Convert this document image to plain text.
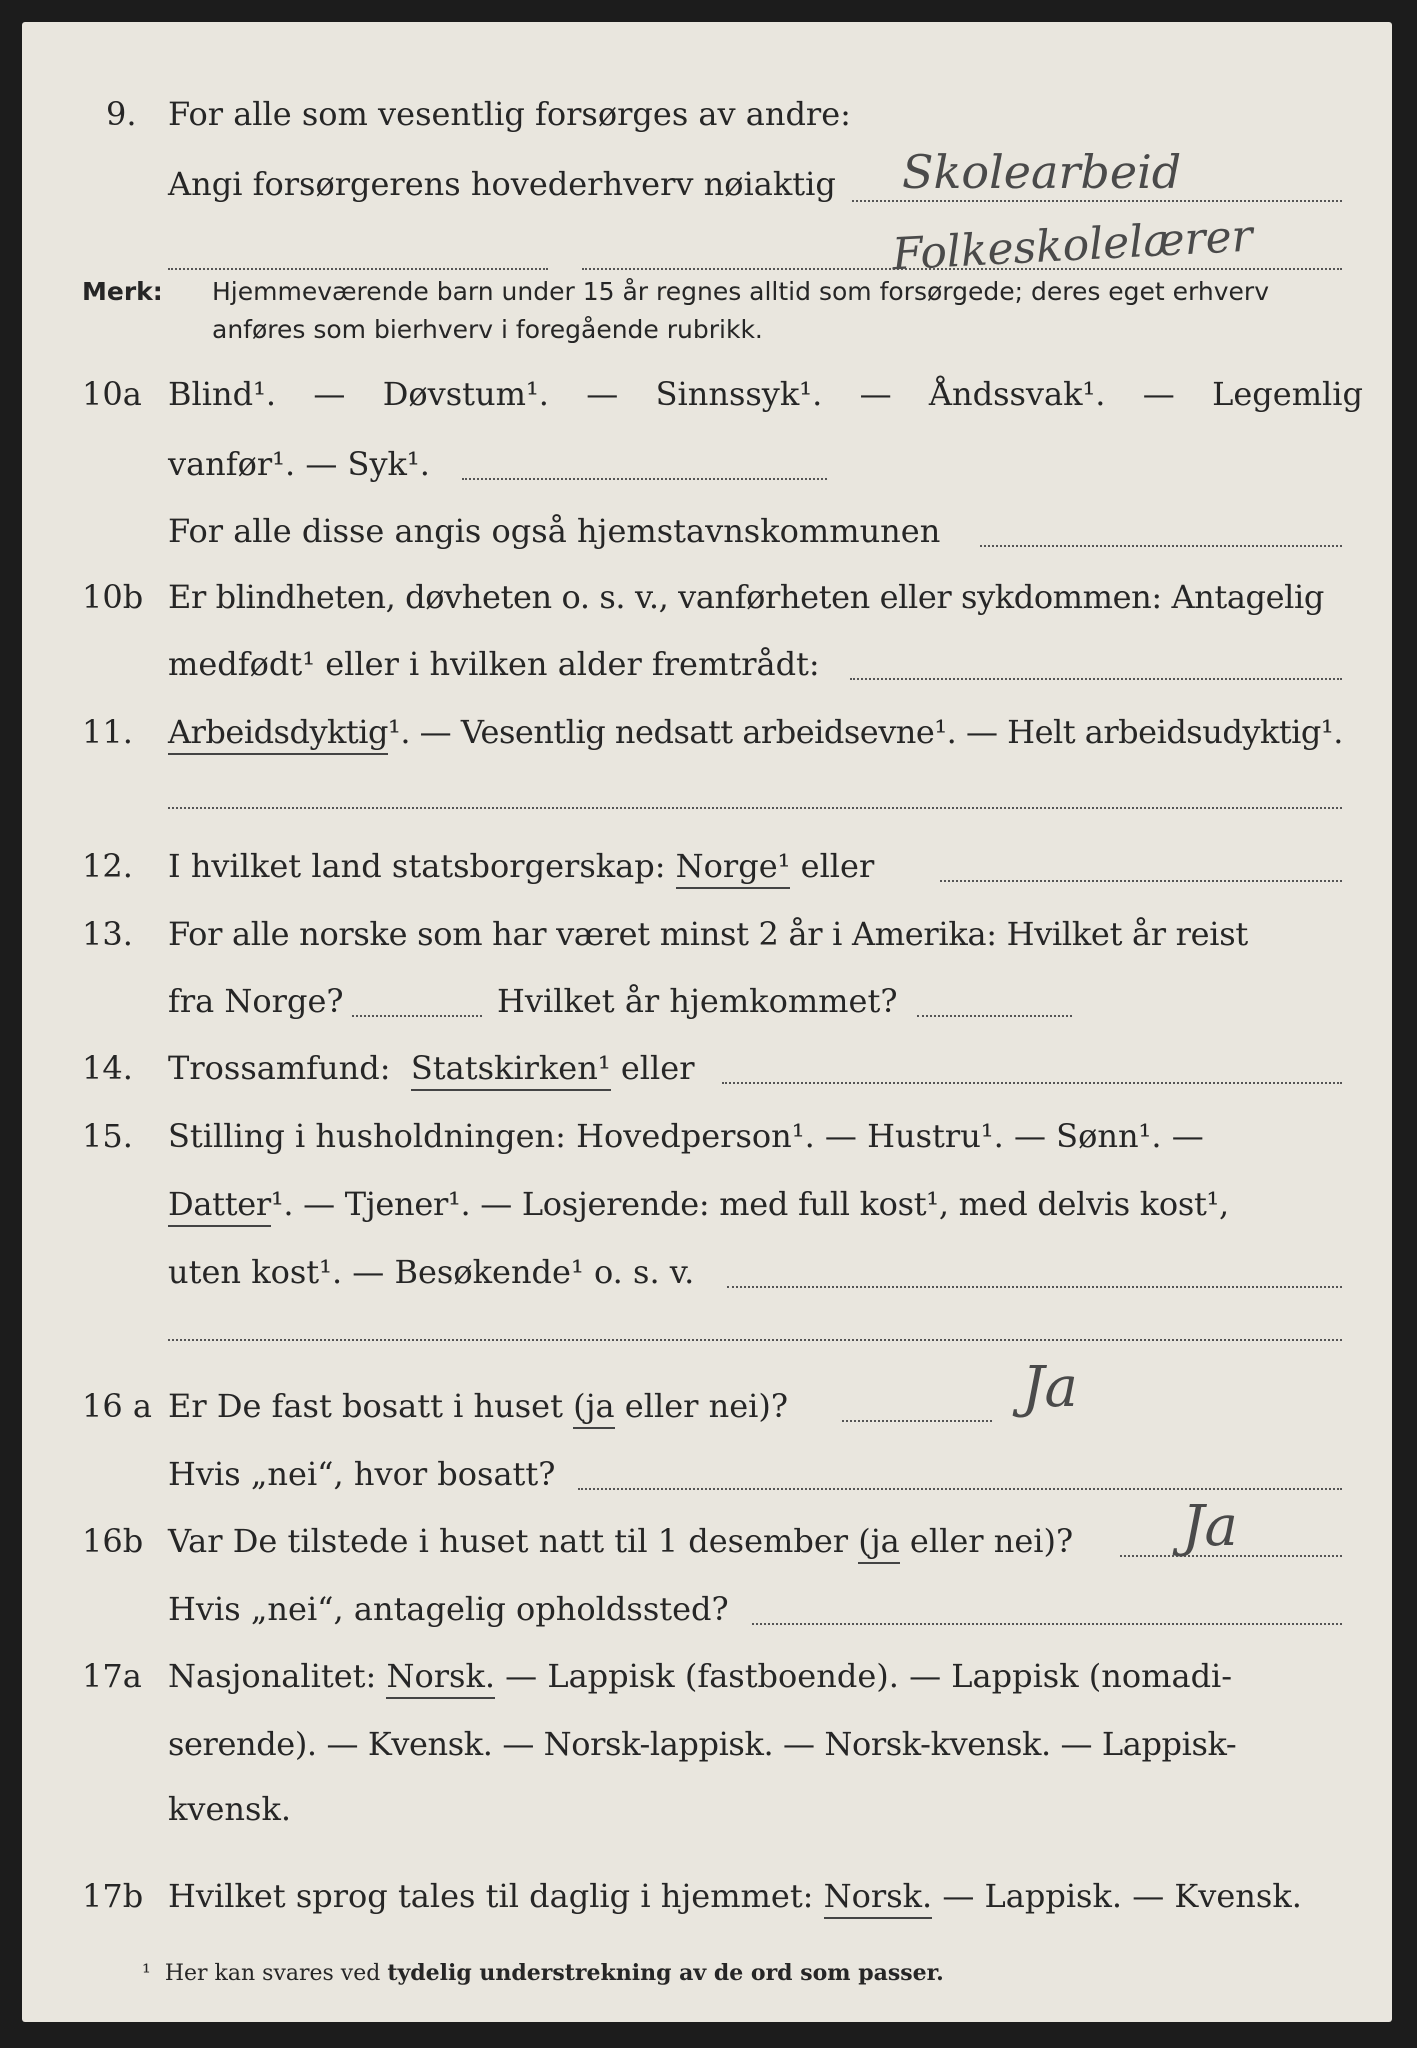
9. For alle som vesentlig forsørges av andre:
Angi forsørgerens hovederhverv nøiaktig Skolearbeid
Folkeskolelærer
Merk: Hjemmeværende barn under 15 år regnes alltid som forsørgede; deres eget erhverv
anføres som bierhverv i foregående rubrikk.
10a Blind¹. — Døvstum¹. — Sinnssyk¹. — Åndssvak¹. — Legemlig
vanfør¹. — Syk¹.
For alle disse angis også hjemstavnskommunen
10b Er blindheten, døvheten o. s. v., vanførheten eller sykdommen: Antagelig
medfødt¹ eller i hvilken alder fremtrådt:
11. Arbeidsdyktig¹. — Vesentlig nedsatt arbeidsevne¹. — Helt arbeidsudyktig¹.
12. I hvilket land statsborgerskap: Norge¹ eller
13. For alle norske som har været minst 2 år i Amerika: Hvilket år reist
fra Norge?	Hvilket år hjemkommet?
14. Trossamfund: Statskirken¹ eller
15. Stilling i husholdningen: Hovedperson¹. — Hustru¹. — Sønn¹. —
Datter¹. — Tjener¹. — Losjerende: med full kost¹, med delvis kost¹,
uten kost¹. — Besøkende¹ o. s. v.
16 a Er De fast bosatt i huset (ja eller nei)?	Ja
Hvis „nei“, hvor bosatt?
16b Var De tilstede i huset natt til 1 desember (ja eller nei)? Ja
Hvis „nei“, antagelig opholdssted?
17a Nasjonalitet: Norsk. — Lappisk (fastboende). — Lappisk (nomadi-
serende). — Kvensk. — Norsk-lappisk. — Norsk-kvensk. — Lappisk-
kvensk.
17b Hvilket sprog tales til daglig i hjemmet: Norsk. — Lappisk. — Kvensk.
¹ Her kan svares ved tydelig understrekning av de ord som passer.
